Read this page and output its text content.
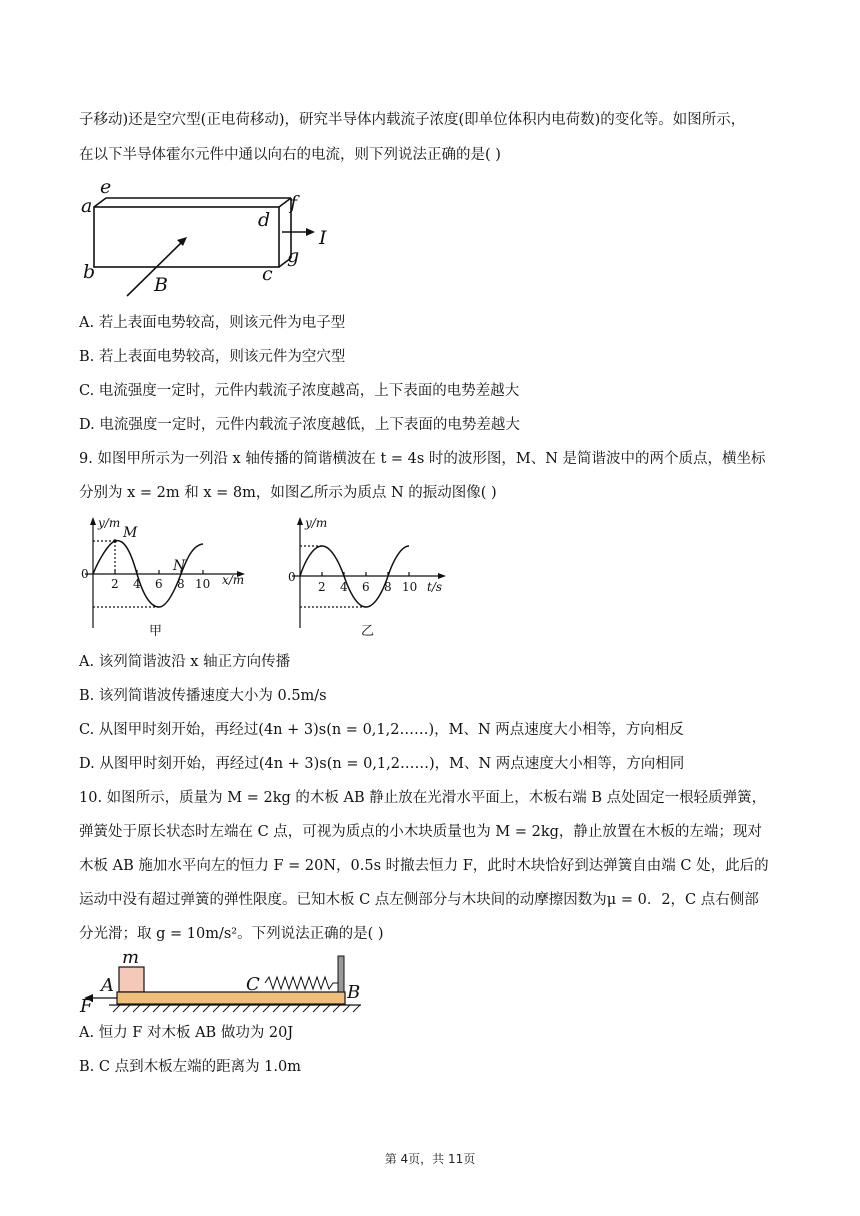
子移动)还是空穴型(正电荷移动)，研究半导体内载流子浓度(即单位体积内电荷数)的变化等。如图所示，
在以下半导体霍尔元件中通以向右的电流，则下列说法正确的是( )
a
e
d
f
I
g
b	c
B
A. 若上表面电势较高，则该元件为电子型
B. 若上表面电势较高，则该元件为空穴型
C. 电流强度一定时，元件内载流子浓度越高，上下表面的电势差越大
D. 电流强度一定时，元件内载流子浓度越低，上下表面的电势差越大
9. 如图甲所示为一列沿 x 轴传播的简谐横波在 t = 4s 时的波形图，M、N 是简谐波中的两个质点，横坐标
分别为 x = 2m 和 x = 8m，如图乙所示为质点 N 的振动图像( )
y/m
M
N
0
2 4 6 8 10 x/m
甲
y/m
0
2 4 6 8 10 t/s
乙
A. 该列简谐波沿 x 轴正方向传播
B. 该列简谐波传播速度大小为 0.5m/s
C. 从图甲时刻开始，再经过(4n + 3)s(n = 0,1,2……)，M、N 两点速度大小相等，方向相反
D. 从图甲时刻开始，再经过(4n + 3)s(n = 0,1,2……)，M、N 两点速度大小相等，方向相同
10. 如图所示，质量为 M = 2kg 的木板 AB 静止放在光滑水平面上，木板右端 B 点处固定一根轻质弹簧，
弹簧处于原长状态时左端在 C 点，可视为质点的小木块质量也为 M = 2kg，静止放置在木板的左端；现对
木板 AB 施加水平向左的恒力 F = 20N，0.5s 时撤去恒力 F，此时木块恰好到达弹簧自由端 C 处，此后的
运动中没有超过弹簧的弹性限度。已知木板 C 点左侧部分与木块间的动摩擦因数为μ = 0．2，C 点右侧部
分光滑；取 g = 10m/s²。下列说法正确的是( )
m
A
F
C	B
A. 恒力 F 对木板 AB 做功为 20J
B. C 点到木板左端的距离为 1.0m
第 4页，共 11页
